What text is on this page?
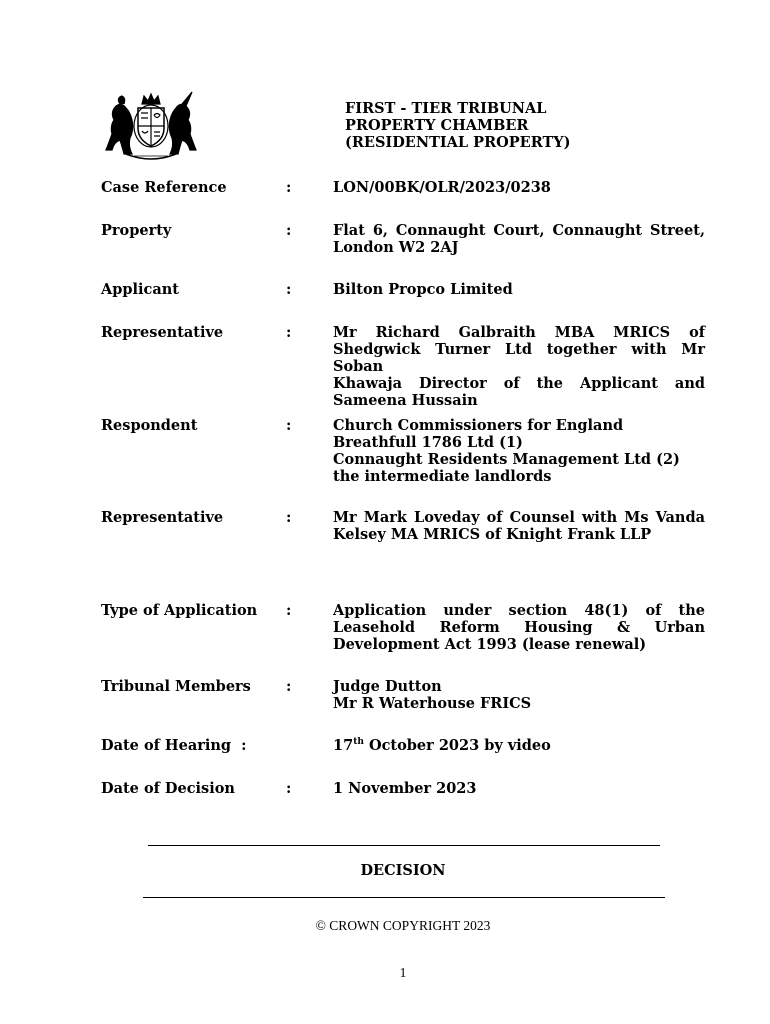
FIRST - TIER TRIBUNAL
PROPERTY CHAMBER
(RESIDENTIAL PROPERTY)
Case Reference	:	LON/00BK/OLR/2023/0238
Property	:	Flat 6, Connaught Court, Connaught Street,
London W2 2AJ
Applicant	:	Bilton Propco Limited
Representative	:	Mr Richard Galbraith MBA MRICS of
Shedgwick Turner Ltd together with Mr Soban
Khawaja Director of the Applicant and
Sameena Hussain
Respondent	:	Church Commissioners for England
Breathfull 1786 Ltd (1)
Connaught Residents Management Ltd (2)
the intermediate landlords
Representative	:	Mr Mark Loveday of Counsel with Ms Vanda
Kelsey MA MRICS of Knight Frank LLP
Type of Application :	Application under section 48(1) of the
Leasehold Reform Housing & Urban
Development Act 1993 (lease renewal)
Tribunal Members :	Judge Dutton
Mr R Waterhouse FRICS
Date of Hearing  :	17th October 2023 by video
Date of Decision	:	1 November 2023
DECISION
© CROWN COPYRIGHT 2023
1
